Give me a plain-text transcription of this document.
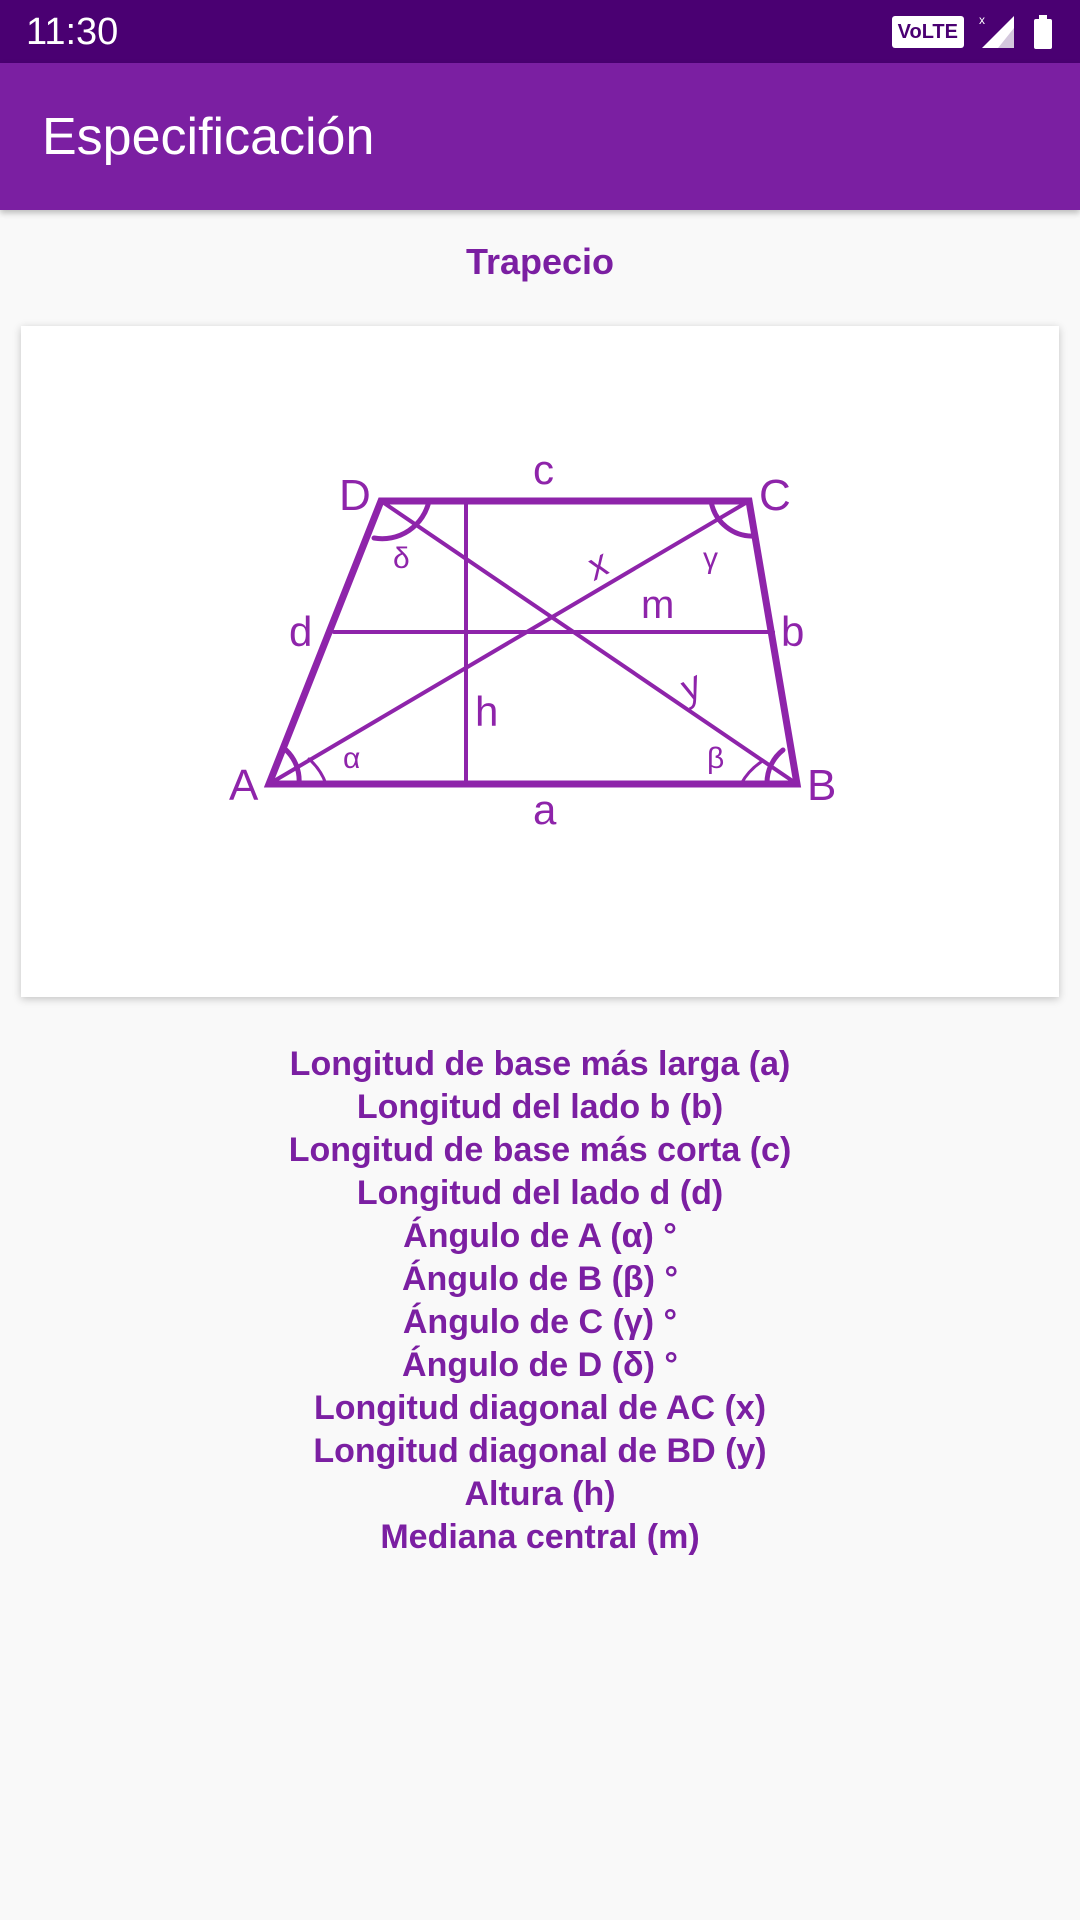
11:30	VoLTE
x
Especificación
Trapecio
A	B
C
D
a
b
c
d
α	β
γ
δ	x
y
h
m
Longitud de base más larga (a)
Longitud del lado b (b)
Longitud de base más corta (c)
Longitud del lado d (d)
Ángulo de A (α) °
Ángulo de B (β) °
Ángulo de C (γ) °
Ángulo de D (δ) °
Longitud diagonal de AC (x)
Longitud diagonal de BD (y)
Altura (h)
Mediana central (m)
